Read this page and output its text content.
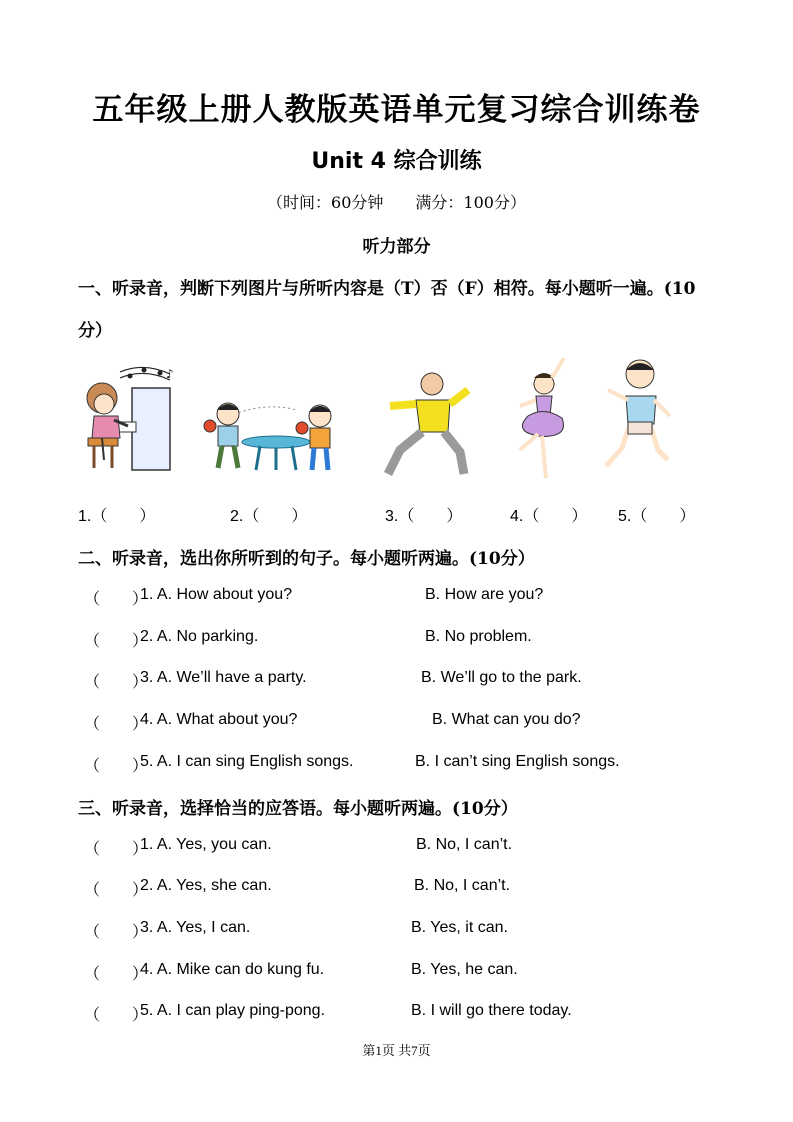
五年级上册人教版英语单元复习综合训练卷
Unit 4 综合训练
（时间：60分钟　　满分：100分）
听力部分
一、听录音，判断下列图片与所听内容是（T）否（F）相符。每小题听一遍。(10
分）
♪
1.（　　）	2.（　　）	3.（　　）	4.（　　） 5.（　　）
二、听录音，选出你所听到的句子。每小题听两遍。(10分）
（　　）
1. A. How about you?	B. How are you?
（　　）
2. A. No parking.	B. No problem.
（　　）
3. A. We’ll have a party.	B. We’ll go to the park.
（　　）
4. A. What about you?	B. What can you do?
（　　）
5. A. I can sing English songs.	B. I can’t sing English songs.
三、听录音，选择恰当的应答语。每小题听两遍。(10分）
（　　）
1. A. Yes, you can.	B. No, I can’t.
（　　）
2. A. Yes, she can.	B. No, I can’t.
（　　）
3. A. Yes, I can.	B. Yes, it can.
（　　）
4. A. Mike can do kung fu.	B. Yes, he can.
（　　）
5. A. I can play ping-pong.	B. I will go there today.
第1页 共7页
